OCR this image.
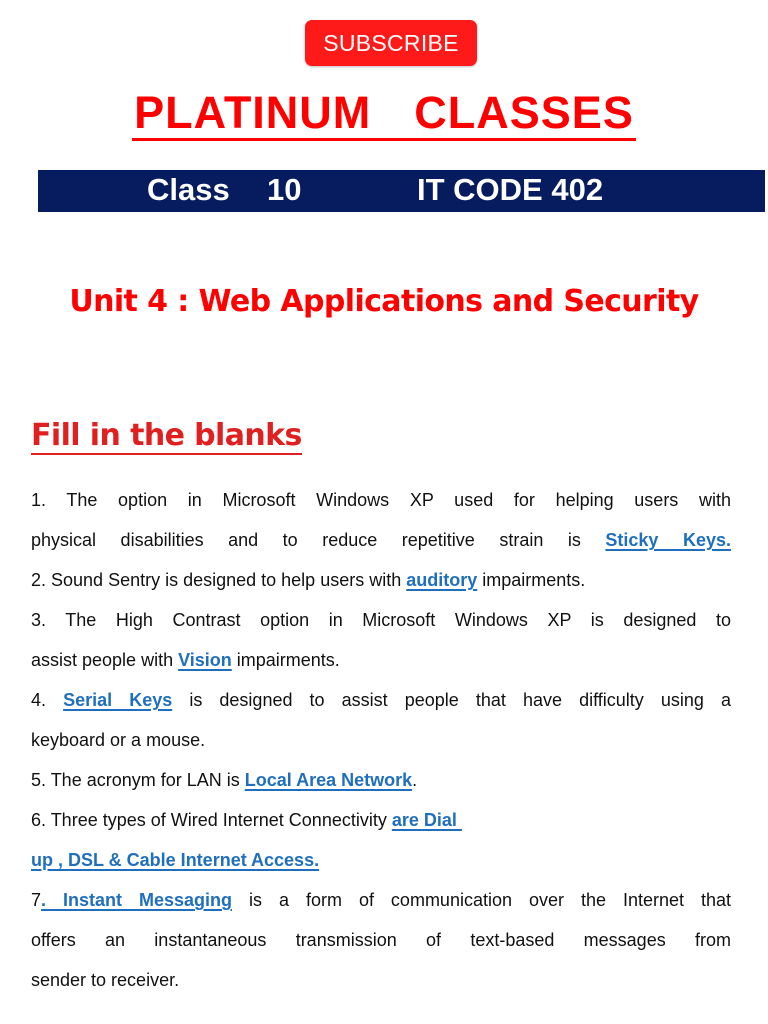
SUBSCRIBE
PLATINUM  CLASSES
Class  10	IT CODE 402
Unit 4 : Web Applications and Security
Fill in the blanks
1. The option in Microsoft Windows XP used for helping users with
physical disabilities and to reduce repetitive strain is Sticky Keys.
2. Sound Sentry is designed to help users with auditory impairments.
3. The High Contrast option in Microsoft Windows XP is designed to
assist people with Vision impairments.
4. Serial Keys is designed to assist people that have difficulty using a
keyboard or a mouse.
5. The acronym for LAN is Local Area Network.
6. Three types of Wired Internet Connectivity are Dial
up , DSL & Cable Internet Access.
7. Instant Messaging is a form of communication over the Internet that
offers an instantaneous transmission of text-based messages from
sender to receiver.
